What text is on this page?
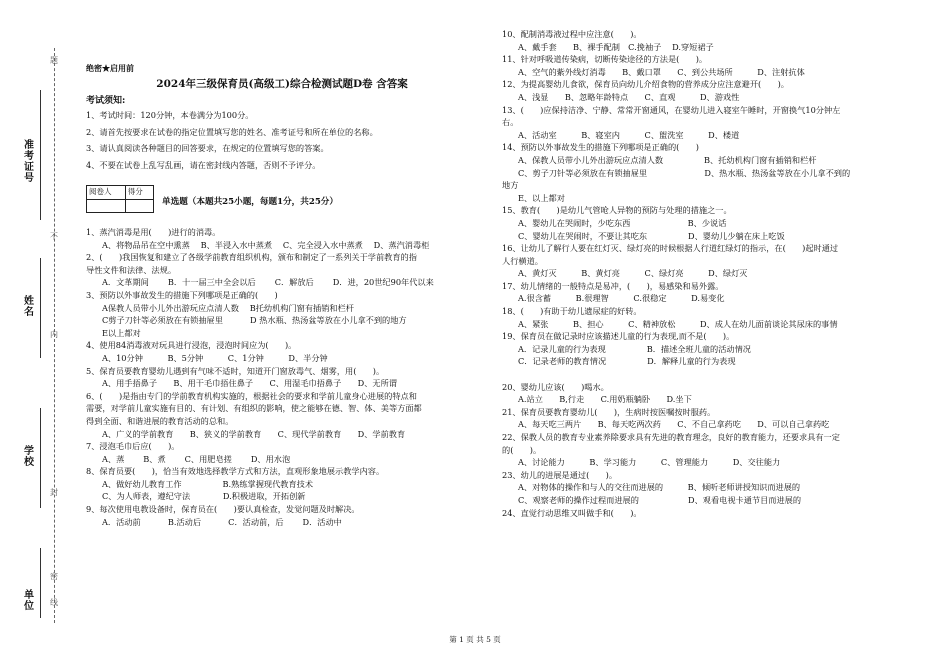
题
准考证号
不
姓名
内
学校
封
密
线
单位
绝密★启用前
2024年三级保育员(高级工)综合检测试题D卷 含答案
考试须知:
1、考试时间：120分钟，本卷满分为100分。
2、请首先按要求在试卷的指定位置填写您的姓名、准考证号和所在单位的名称。
3、请认真阅读各种题目的回答要求，在规定的位置填写您的答案。
4、不要在试卷上乱写乱画，请在密封线内答题，否则不予评分。
阅卷人	得分

单选题（本题共25小题，每题1分，共25分）
1、蒸汽消毒是用(　　)进行的消毒。
A、将物品吊在空中熏蒸　 B、半浸入水中蒸煮　 C、完全浸入水中蒸煮　 D、蒸汽消毒柜
2、(　　)我国恢复和建立了各级学前教育组织机构，颁布和制定了一系列关于学前教育的指
导性文件和法律、法规。
A．文革期间　　 B．十一届三中全会以后　　 C．解放后　　 D．进，20世纪90年代以来
3、预防以外事故发生的措施下列哪项是正确的(　　)
A保教人员带小儿外出游玩应点清人数　 B托幼机构门窗有插销和栏杆
C剪子刀针等必须放在有锁抽屉里　　　 D 热水瓶、热汤盆等放在小儿拿不到的地方
E以上都对
4、使用84消毒液对玩具进行浸泡，浸泡时间应为(　　)。
A、10分钟　　　B、5分钟　　　C、1分钟　　　D、半分钟
5、保育员要教育婴幼儿遇到有气味不适时，知道开门窗放毒气、烟雾，用(　　)。
A、用手捂鼻子　　B、用干毛巾捂住鼻子　　C、用湿毛巾捂鼻子　　D、无所谓
6、(　　)是指由专门的学前教育机构实施的，根据社会的要求和学前儿童身心进展的特点和
需要，对学前儿童实施有目的、有计划、有组织的影响，使之能够在德、智、体、美等方面都
得到全面、和谐进展的教育活动的总和。
A、广义的学前教育　　B、狭义的学前教育　　C、现代学前教育　　D、学前教育
7、浸泡毛巾后应(　　)。
A、蒸　　 B、煮　　 C、用肥皂搓　　 D、用水泡
8、保育员要(　　)，恰当有效地选择教学方式和方法，直观形象地展示教学内容。
A、做好幼儿教育工作　　　　　B.熟练掌握现代教育技术
C、为人师表，遵纪守法　　　　D.积极进取，开拓创新
9、每次使用电教设备时，保育员在(　　)要认真检查，发觉问题及时解决。
A．活动前　　　 B.活动后　　　 C．活动前，后　　 D．活动中
10、配制消毒液过程中应注意(　　)。
A、戴手套　　B、裸手配制　C.挽袖子　 D.穿短裙子
11、针对呼吸道传染病，切断传染途径的方法是(　　)。
A、空气的紫外线灯消毒　　B、戴口罩　　C、到公共场所　　　D、注射抗体
12、为提高婴幼儿食欲，保育员向幼儿介绍食物的营养成分应注意避开(　　)。
A、浅显　　B、忽略年龄特点　　C、直观　　　D、游戏性
13、(　　)应保持洁净、宁静、常常开窗通风，在婴幼儿进入寝室午睡时，开窗换气10分钟左
右。
A、活动室　　　B、寝室内　　　C、盥洗室　　　D、楼道
14、预防以外事故发生的措施下列哪项是正确的(　　)
A、保教人员带小儿外出游玩应点清人数　　　　　B、托幼机构门窗有插销和栏杆
C、剪子刀针等必须放在有锁抽屉里　　　　　　　D、热水瓶、热汤盆等放在小儿拿不到的
地方
E、以上都对
15、教育(　　)是幼儿气管呛人异物的预防与处理的措施之一。
A、婴幼儿在哭闹时，少吃东西　　　　　　　B、少说话
C、婴幼儿在哭闹时，不要让其吃东　　　　　D、婴幼儿少躺在床上吃饭
16、让幼儿了解行人要在红灯灭、绿灯亮的时候根据人行道红绿灯的指示，在(　　)起时通过
人行横道。
A、黄灯灭　　　B、黄灯亮　　　C、绿灯亮　　　D、绿灯灭
17、幼儿情绪的一般特点是易冲，(　　)，易感染和易外露。
A.很含蓄　　　B.很理智　　　C.很稳定　　　D.易变化
18、(　　)有助于幼儿遗尿症的好转。
A、紧张　　　B、担心　　　C、精神放松　　　D、成人在幼儿面前谈论其尿床的事情
19、保育员在做记录时应该描述儿童的行为表现,而不是(　　)。
A．记录儿童的行为表现　　　　　B．描述全班儿童的活动情况
C．记录老师的教育情况　　　　　D．解释儿童的行为表现
20、婴幼儿应该(　　)喝水。
A.站立　　B,行走　　C.用奶瓶躺卧　　D.坐下
21、保育员要教育婴幼儿(　　)，生病时按医嘱按时服药。
A、每天吃三两片　　B、每天吃两次药　　C、不自己拿药吃　　D、可以自己拿药吃
22、保教人员的教育专业素养除要求具有先进的教育理念，良好的教育能力，还要求具有一定
的(　　)。
A、讨论能力　　　B、学习能力　　　C、管理能力　　　D、交往能力
23、幼儿的进展是通过(　　)。
A、对物体的操作和与人的交往而进展的　　　B、倾听老师讲授知识而进展的
C、观察老师的操作过程而进展的　　　　　　D、观看电视卡通节目而进展的
24、直觉行动思维又叫做手和(　　)。
第 1 页 共 5 页
